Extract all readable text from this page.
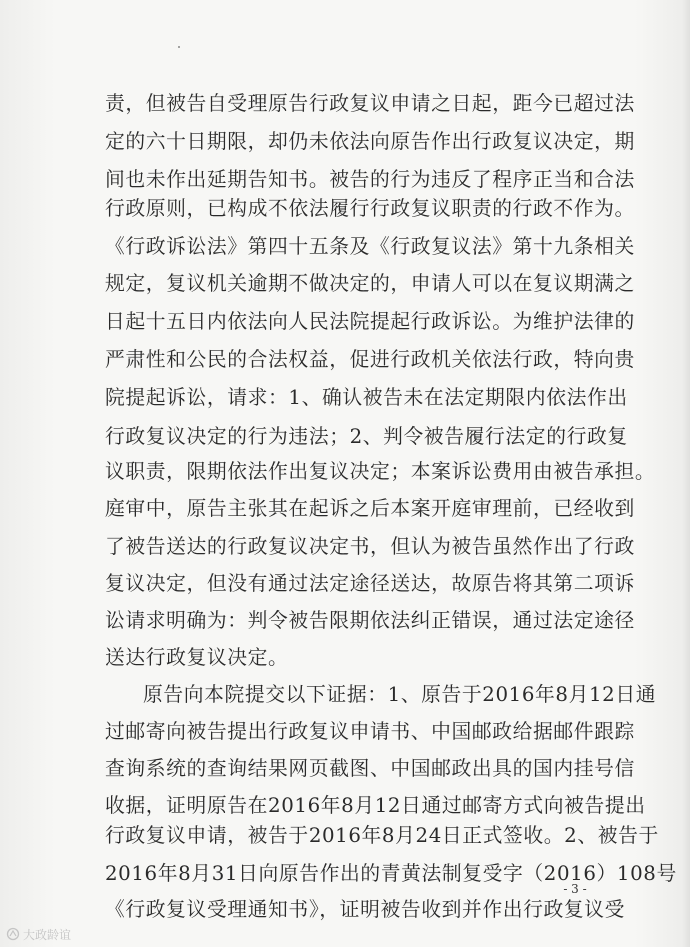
责，但被告自受理原告行政复议申请之日起，距今已超过法
定的六十日期限，却仍未依法向原告作出行政复议决定，期
间也未作出延期告知书。被告的行为违反了程序正当和合法
行政原则，已构成不依法履行行政复议职责的行政不作为。
《行政诉讼法》第四十五条及《行政复议法》第十九条相关
规定，复议机关逾期不做决定的，申请人可以在复议期满之
日起十五日内依法向人民法院提起行政诉讼。为维护法律的
严肃性和公民的合法权益，促进行政机关依法行政，特向贵
院提起诉讼，请求：1、确认被告未在法定期限内依法作出
行政复议决定的行为违法；2、判令被告履行法定的行政复
议职责，限期依法作出复议决定；本案诉讼费用由被告承担。
庭审中，原告主张其在起诉之后本案开庭审理前，已经收到
了被告送达的行政复议决定书，但认为被告虽然作出了行政
复议决定，但没有通过法定途径送达，故原告将其第二项诉
讼请求明确为：判令被告限期依法纠正错误，通过法定途径
送达行政复议决定。
原告向本院提交以下证据：1、原告于2016年8月12日通
过邮寄向被告提出行政复议申请书、中国邮政给据邮件跟踪
查询系统的查询结果网页截图、中国邮政出具的国内挂号信
收据，证明原告在2016年8月12日通过邮寄方式向被告提出
行政复议申请，被告于2016年8月24日正式签收。2、被告于
2016年8月31日向原告作出的青黄法制复受字（2016）108号
《行政复议受理通知书》，证明被告收到并作出行政复议受
- 3 -
大政龄谊
